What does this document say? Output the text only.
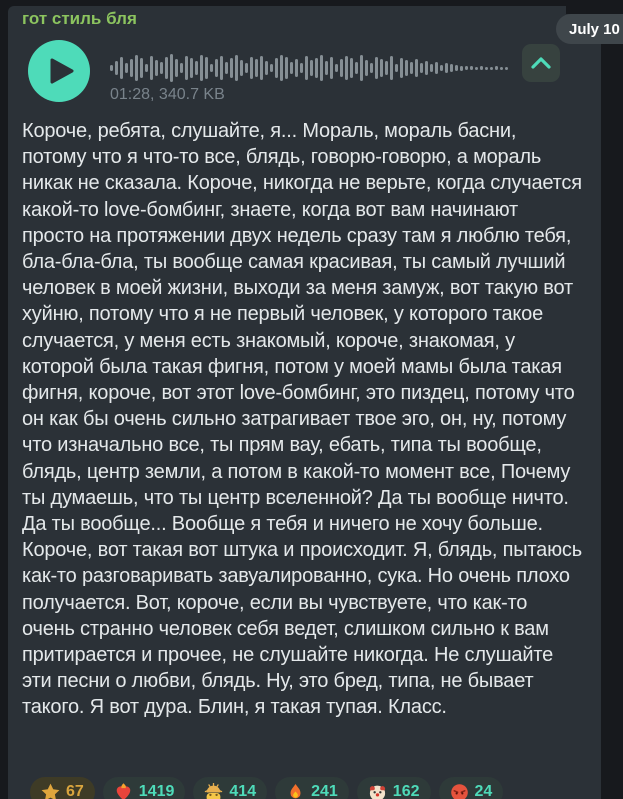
гот стиль бля
01:28, 340.7 KB
Короче, ребята, слушайте, я... Мораль, мораль басни, потому что я что-то все, блядь, говорю-говорю, а мораль никак не сказала. Короче, никогда не верьте, когда случается какой-то love-бомбинг, знаете, когда вот вам начинают просто на протяжении двух недель сразу там я люблю тебя, бла-бла-бла, ты вообще самая красивая, ты самый лучший человек в моей жизни, выходи за меня замуж, вот такую вот хуйню, потому что я не первый человек, у которого такое случается, у меня есть знакомый, короче, знакомая, у которой была такая фигня, потом у моей мамы была такая фигня, короче, вот этот love-бомбинг, это пиздец, потому что он как бы очень сильно затрагивает твое эго, он, ну, потому что изначально все, ты прям вау, ебать, типа ты вообще, блядь, центр земли, а потом в какой-то момент все, Почему ты думаешь, что ты центр вселенной? Да ты вообще ничто. Да ты вообще... Вообще я тебя и ничего не хочу больше. Короче, вот такая вот штука и происходит. Я, блядь, пытаюсь как-то разговаривать завуалированно, сука. Но очень плохо получается. Вот, короче, если вы чувствуете, что как-то очень странно человек себя ведет, слишком сильно к вам притирается и прочее, не слушайте никогда. Не слушайте эти песни о любви, блядь. Ну, это бред, типа, не бывает такого. Я вот дура. Блин, я такая тупая. Класс.
67	1419	414	241	162	24
July 10
